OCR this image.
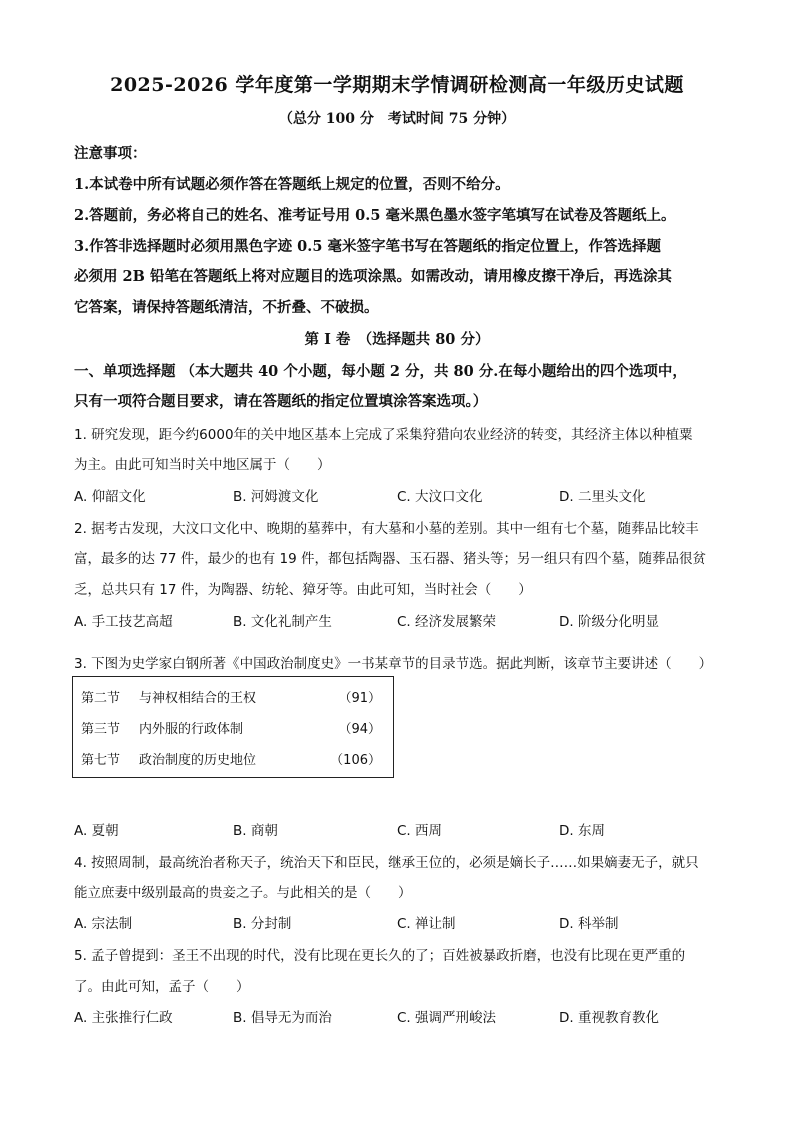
2025-2026 学年度第一学期期末学情调研检测高一年级历史试题
（总分 100 分　考试时间 75 分钟）
注意事项：
1.本试卷中所有试题必须作答在答题纸上规定的位置，否则不给分。
2.答题前，务必将自己的姓名、准考证号用 0.5 毫米黑色墨水签字笔填写在试卷及答题纸上。
3.作答非选择题时必须用黑色字迹 0.5 毫米签字笔书写在答题纸的指定位置上，作答选择题
必须用 2B 铅笔在答题纸上将对应题目的选项涂黑。如需改动，请用橡皮擦干净后，再选涂其
它答案，请保持答题纸清洁，不折叠、不破损。
第 I 卷　（选择题共 80 分）
一、单项选择题 （本大题共 40 个小题，每小题 2 分，共 80 分.在每小题给出的四个选项中，
只有一项符合题目要求，请在答题纸的指定位置填涂答案选项。）
1. 研究发现，距今约6000年的关中地区基本上完成了采集狩猎向农业经济的转变，其经济主体以种植粟
为主。由此可知当时关中地区属于（　　）
A. 仰韶文化	B. 河姆渡文化	C. 大汶口文化	D. 二里头文化
2. 据考古发现，大汶口文化中、晚期的墓葬中，有大墓和小墓的差别。其中一组有七个墓，随葬品比较丰
富，最多的达 77 件，最少的也有 19 件，都包括陶器、玉石器、猪头等；另一组只有四个墓，随葬品很贫
乏，总共只有 17 件，为陶器、纺轮、獐牙等。由此可知，当时社会（　　）
A. 手工技艺高超	B. 文化礼制产生	C. 经济发展繁荣	D. 阶级分化明显
3. 下图为史学家白钢所著《中国政治制度史》一书某章节的目录节选。据此判断，该章节主要讲述（　　）
第二节 与神权相结合的王权	（91）
第三节 内外服的行政体制	（94）
第七节 政治制度的历史地位	（106）
A. 夏朝	B. 商朝	C. 西周	D. 东周
4. 按照周制，最高统治者称天子，统治天下和臣民，继承王位的，必须是嫡长子……如果嫡妻无子，就只
能立庶妻中级别最高的贵妾之子。与此相关的是（　　）
A. 宗法制	B. 分封制	C. 禅让制	D. 科举制
5. 孟子曾提到：圣王不出现的时代，没有比现在更长久的了；百姓被暴政折磨，也没有比现在更严重的
了。由此可知，孟子（　　）
A. 主张推行仁政	B. 倡导无为而治	C. 强调严刑峻法	D. 重视教育教化
